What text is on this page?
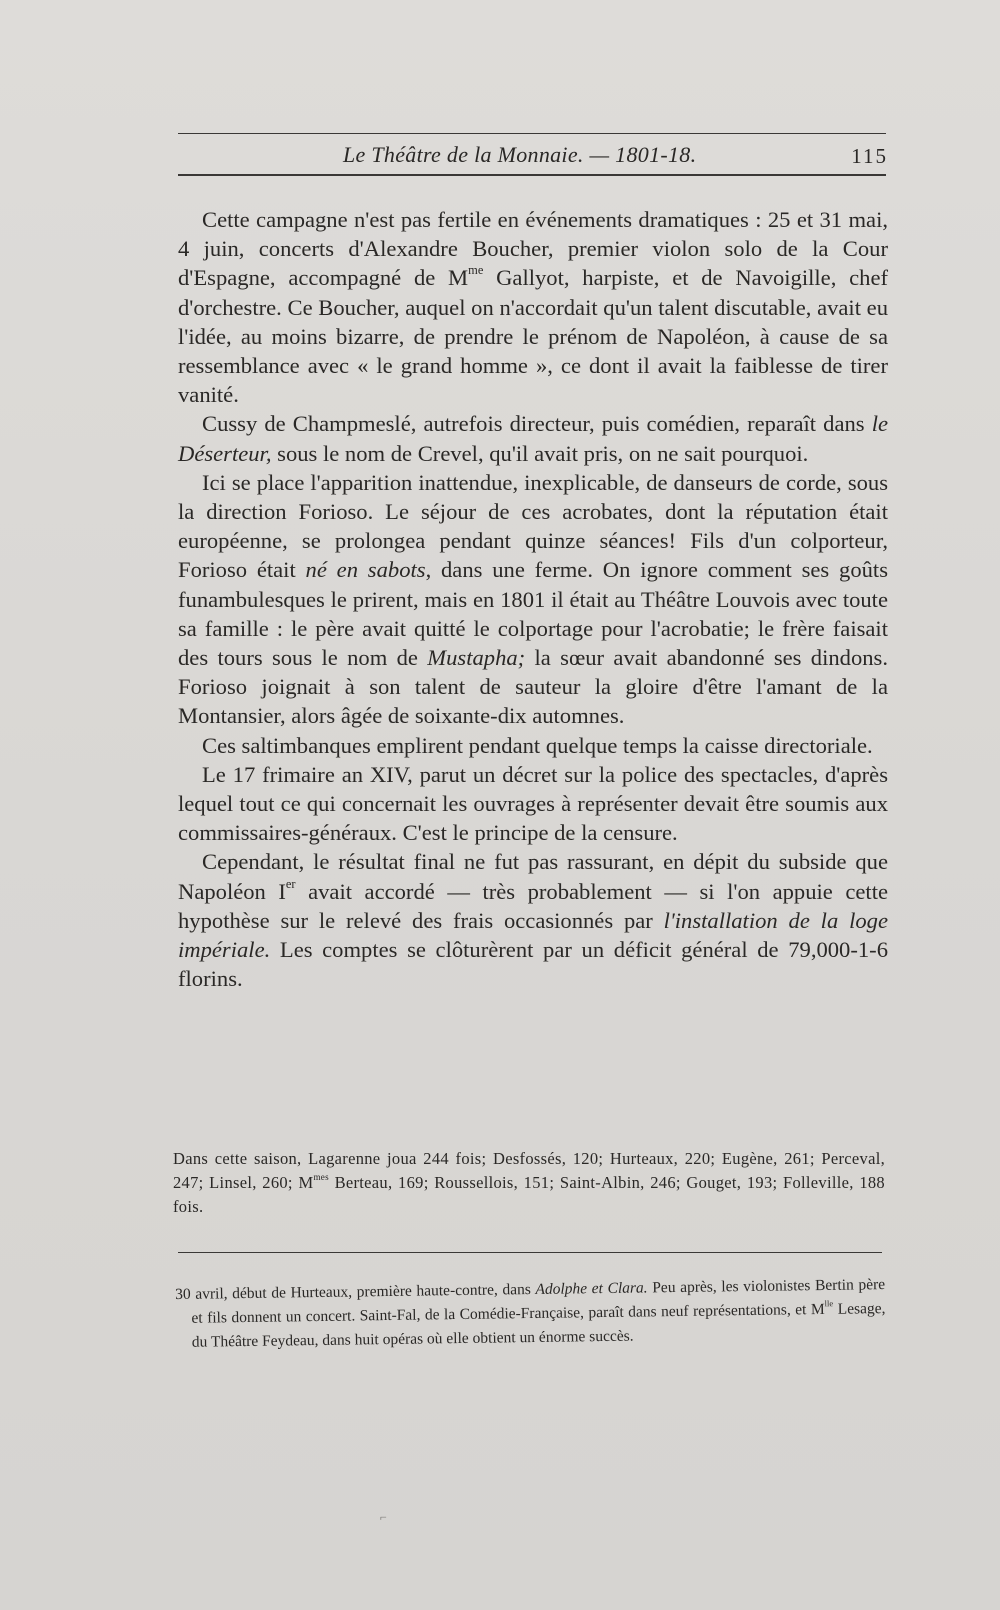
Le Théâtre de la Monnaie. — 1801-18.	115

Cette campagne n'est pas fertile en événements dramatiques : 25 et 31 mai, 4 juin, concerts d'Alexandre Boucher, premier violon solo de la Cour d'Espagne, accompagné de $M^{me}$ Gallyot, harpiste, et de Navoigille, chef d'orchestre. Ce Boucher, auquel on n'accordait qu'un talent discutable, avait eu l'idée, au moins bizarre, de prendre le prénom de Napoléon, à cause de sa ressemblance avec « le grand homme », ce dont il avait la faiblesse de tirer vanité.

Cussy de Champmeslé, autrefois directeur, puis comédien, reparaît dans le Déserteur, sous le nom de Crevel, qu'il avait pris, on ne sait pourquoi.

Ici se place l'apparition inattendue, inexplicable, de danseurs de corde, sous la direction Forioso. Le séjour de ces acrobates, dont la réputation était européenne, se prolongea pendant quinze séances! Fils d'un colporteur, Forioso était né en sabots, dans une ferme. On ignore comment ses goûts funambulesques le prirent, mais en 1801 il était au Théâtre Louvois avec toute sa famille : le père avait quitté le colportage pour l'acrobatie; le frère faisait des tours sous le nom de Mustapha; la sœur avait abandonné ses dindons. Forioso joignait à son talent de sauteur la gloire d'être l'amant de la Montansier, alors âgée de soixante-dix automnes.

Ces saltimbanques emplirent pendant quelque temps la caisse directoriale.

Le 17 frimaire an XIV, parut un décret sur la police des spectacles, d'après lequel tout ce qui concernait les ouvrages à représenter devait être soumis aux commissaires-généraux. C'est le principe de la censure.

Cependant, le résultat final ne fut pas rassurant, en dépit du subside que Napoléon Ier avait accordé — très probablement — si l'on appuie cette hypothèse sur le relevé des frais occasionnés par l'installation de la loge impériale. Les comptes se clôturèrent par un déficit général de 79,000-1-6 florins.

Dans cette saison, Lagarenne joua 244 fois; Desfossés, 120; Hurteaux, 220; Eugène, 261; Perceval, 247; Linsel, 260; $M^{mes}$ Berteau, 169; Roussellois, 151; Saint-Albin, 246; Gouget, 193; Folleville, 188 fois.

30 avril, début de Hurteaux, première haute-contre, dans Adolphe et Clara. Peu après, les violonistes Bertin père et fils donnent un concert. Saint-Fal, de la Comédie-Française, paraît dans neuf représentations, et $M^{lle}$ Lesage, du Théâtre Feydeau, dans huit opéras où elle obtient un énorme succès.

⌐
